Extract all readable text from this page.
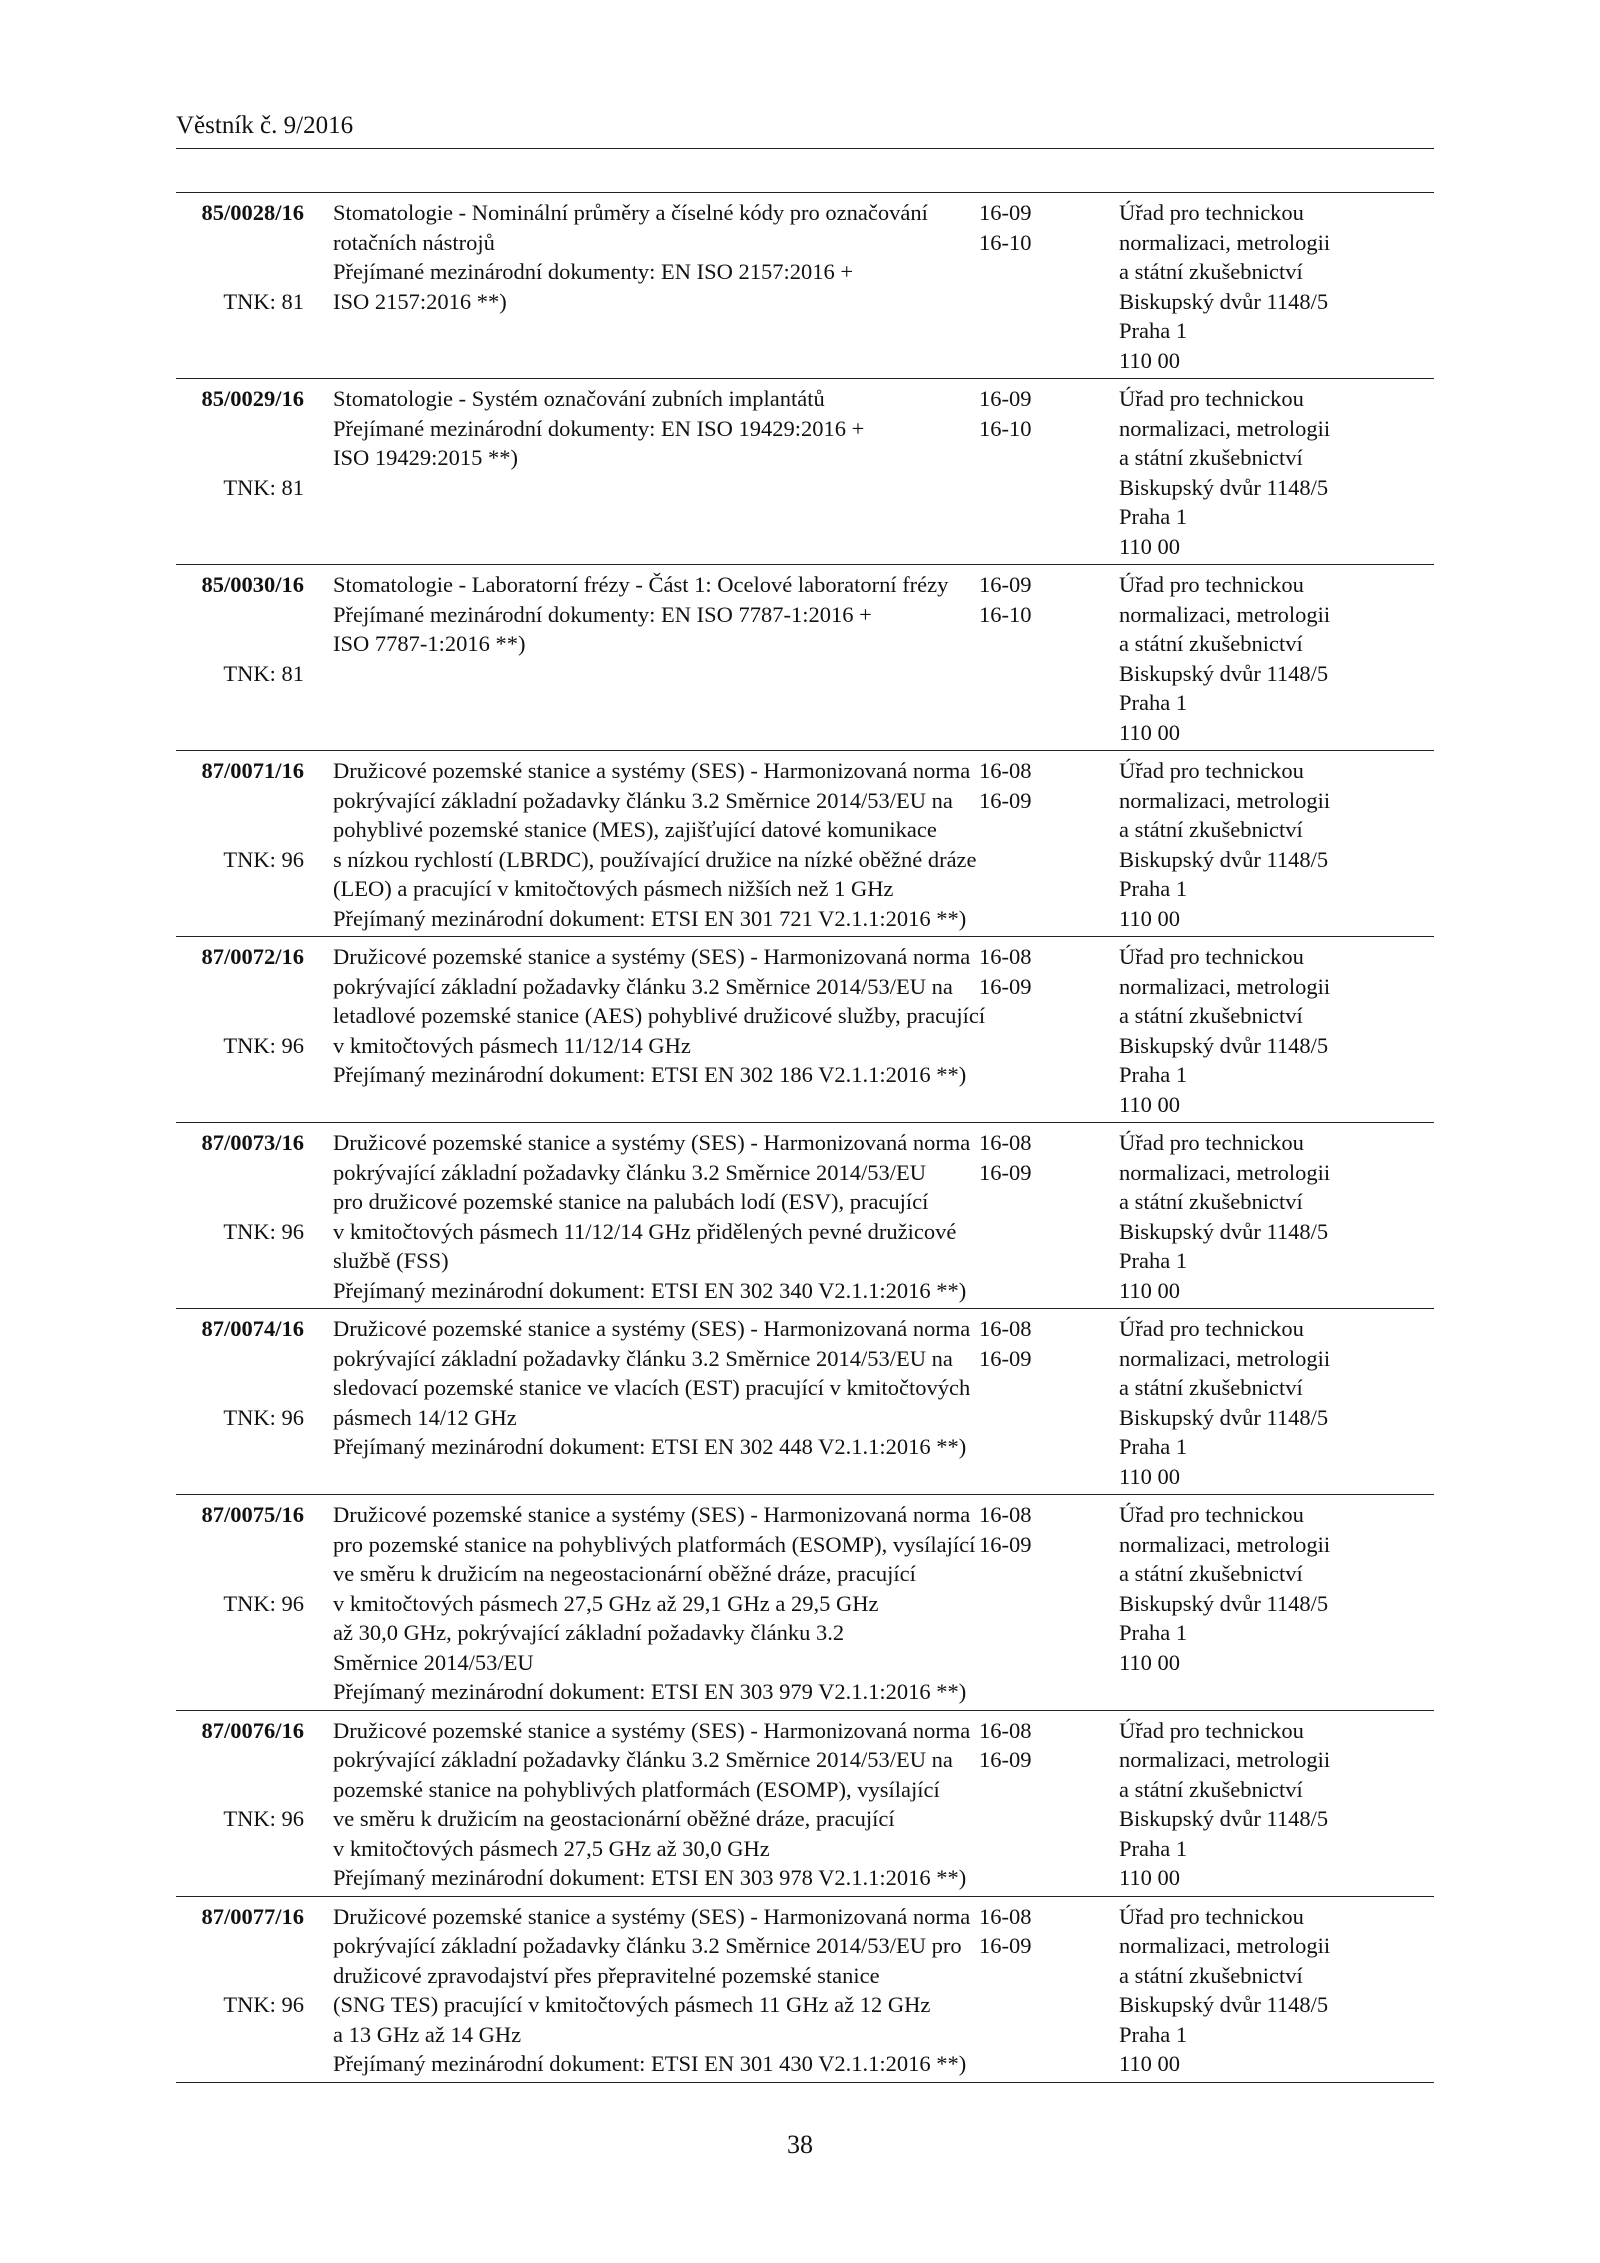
Věstník č. 9/2016
85/0028/16
TNK: 81
Stomatologie - Nominální průměry a číselné kódy pro označování
rotačních nástrojů
Přejímané mezinárodní dokumenty: EN ISO 2157:2016 +
ISO 2157:2016 **)
16-09
16-10
Úřad pro technickou
normalizaci, metrologii
a státní zkušebnictví
Biskupský dvůr 1148/5
Praha 1
110 00
85/0029/16
TNK: 81
Stomatologie - Systém označování zubních implantátů
Přejímané mezinárodní dokumenty: EN ISO 19429:2016 +
ISO 19429:2015 **)
16-09
16-10
Úřad pro technickou
normalizaci, metrologii
a státní zkušebnictví
Biskupský dvůr 1148/5
Praha 1
110 00
85/0030/16
TNK: 81
Stomatologie - Laboratorní frézy - Část 1: Ocelové laboratorní frézy
Přejímané mezinárodní dokumenty: EN ISO 7787-1:2016 +
ISO 7787-1:2016 **)
16-09
16-10
Úřad pro technickou
normalizaci, metrologii
a státní zkušebnictví
Biskupský dvůr 1148/5
Praha 1
110 00
87/0071/16
TNK: 96
Družicové pozemské stanice a systémy (SES) - Harmonizovaná norma
pokrývající základní požadavky článku 3.2 Směrnice 2014/53/EU na
pohyblivé pozemské stanice (MES), zajišťující datové komunikace
s nízkou rychlostí (LBRDC), používající družice na nízké oběžné dráze
(LEO) a pracující v kmitočtových pásmech nižších než 1 GHz
Přejímaný mezinárodní dokument: ETSI EN 301 721 V2.1.1:2016 **)
16-08
16-09
Úřad pro technickou
normalizaci, metrologii
a státní zkušebnictví
Biskupský dvůr 1148/5
Praha 1
110 00
87/0072/16
TNK: 96
Družicové pozemské stanice a systémy (SES) - Harmonizovaná norma
pokrývající základní požadavky článku 3.2 Směrnice 2014/53/EU na
letadlové pozemské stanice (AES) pohyblivé družicové služby, pracující
v kmitočtových pásmech 11/12/14 GHz
Přejímaný mezinárodní dokument: ETSI EN 302 186 V2.1.1:2016 **)
16-08
16-09
Úřad pro technickou
normalizaci, metrologii
a státní zkušebnictví
Biskupský dvůr 1148/5
Praha 1
110 00
87/0073/16
TNK: 96
Družicové pozemské stanice a systémy (SES) - Harmonizovaná norma
pokrývající základní požadavky článku 3.2 Směrnice 2014/53/EU
pro družicové pozemské stanice na palubách lodí (ESV), pracující
v kmitočtových pásmech 11/12/14 GHz přidělených pevné družicové
službě (FSS)
Přejímaný mezinárodní dokument: ETSI EN 302 340 V2.1.1:2016 **)
16-08
16-09
Úřad pro technickou
normalizaci, metrologii
a státní zkušebnictví
Biskupský dvůr 1148/5
Praha 1
110 00
87/0074/16
TNK: 96
Družicové pozemské stanice a systémy (SES) - Harmonizovaná norma
pokrývající základní požadavky článku 3.2 Směrnice 2014/53/EU na
sledovací pozemské stanice ve vlacích (EST) pracující v kmitočtových
pásmech 14/12 GHz
Přejímaný mezinárodní dokument: ETSI EN 302 448 V2.1.1:2016 **)
16-08
16-09
Úřad pro technickou
normalizaci, metrologii
a státní zkušebnictví
Biskupský dvůr 1148/5
Praha 1
110 00
87/0075/16
TNK: 96
Družicové pozemské stanice a systémy (SES) - Harmonizovaná norma
pro pozemské stanice na pohyblivých platformách (ESOMP), vysílající
ve směru k družicím na negeostacionární oběžné dráze, pracující
v kmitočtových pásmech 27,5 GHz až 29,1 GHz a 29,5 GHz
až 30,0 GHz, pokrývající základní požadavky článku 3.2
Směrnice 2014/53/EU
Přejímaný mezinárodní dokument: ETSI EN 303 979 V2.1.1:2016 **)
16-08
16-09
Úřad pro technickou
normalizaci, metrologii
a státní zkušebnictví
Biskupský dvůr 1148/5
Praha 1
110 00
87/0076/16
TNK: 96
Družicové pozemské stanice a systémy (SES) - Harmonizovaná norma
pokrývající základní požadavky článku 3.2 Směrnice 2014/53/EU na
pozemské stanice na pohyblivých platformách (ESOMP), vysílající
ve směru k družicím na geostacionární oběžné dráze, pracující
v kmitočtových pásmech 27,5 GHz až 30,0 GHz
Přejímaný mezinárodní dokument: ETSI EN 303 978 V2.1.1:2016 **)
16-08
16-09
Úřad pro technickou
normalizaci, metrologii
a státní zkušebnictví
Biskupský dvůr 1148/5
Praha 1
110 00
87/0077/16
TNK: 96
Družicové pozemské stanice a systémy (SES) - Harmonizovaná norma
pokrývající základní požadavky článku 3.2 Směrnice 2014/53/EU pro
družicové zpravodajství přes přepravitelné pozemské stanice
(SNG TES) pracující v kmitočtových pásmech 11 GHz až 12 GHz
a 13 GHz až 14 GHz
Přejímaný mezinárodní dokument: ETSI EN 301 430 V2.1.1:2016 **)
16-08
16-09
Úřad pro technickou
normalizaci, metrologii
a státní zkušebnictví
Biskupský dvůr 1148/5
Praha 1
110 00
38
